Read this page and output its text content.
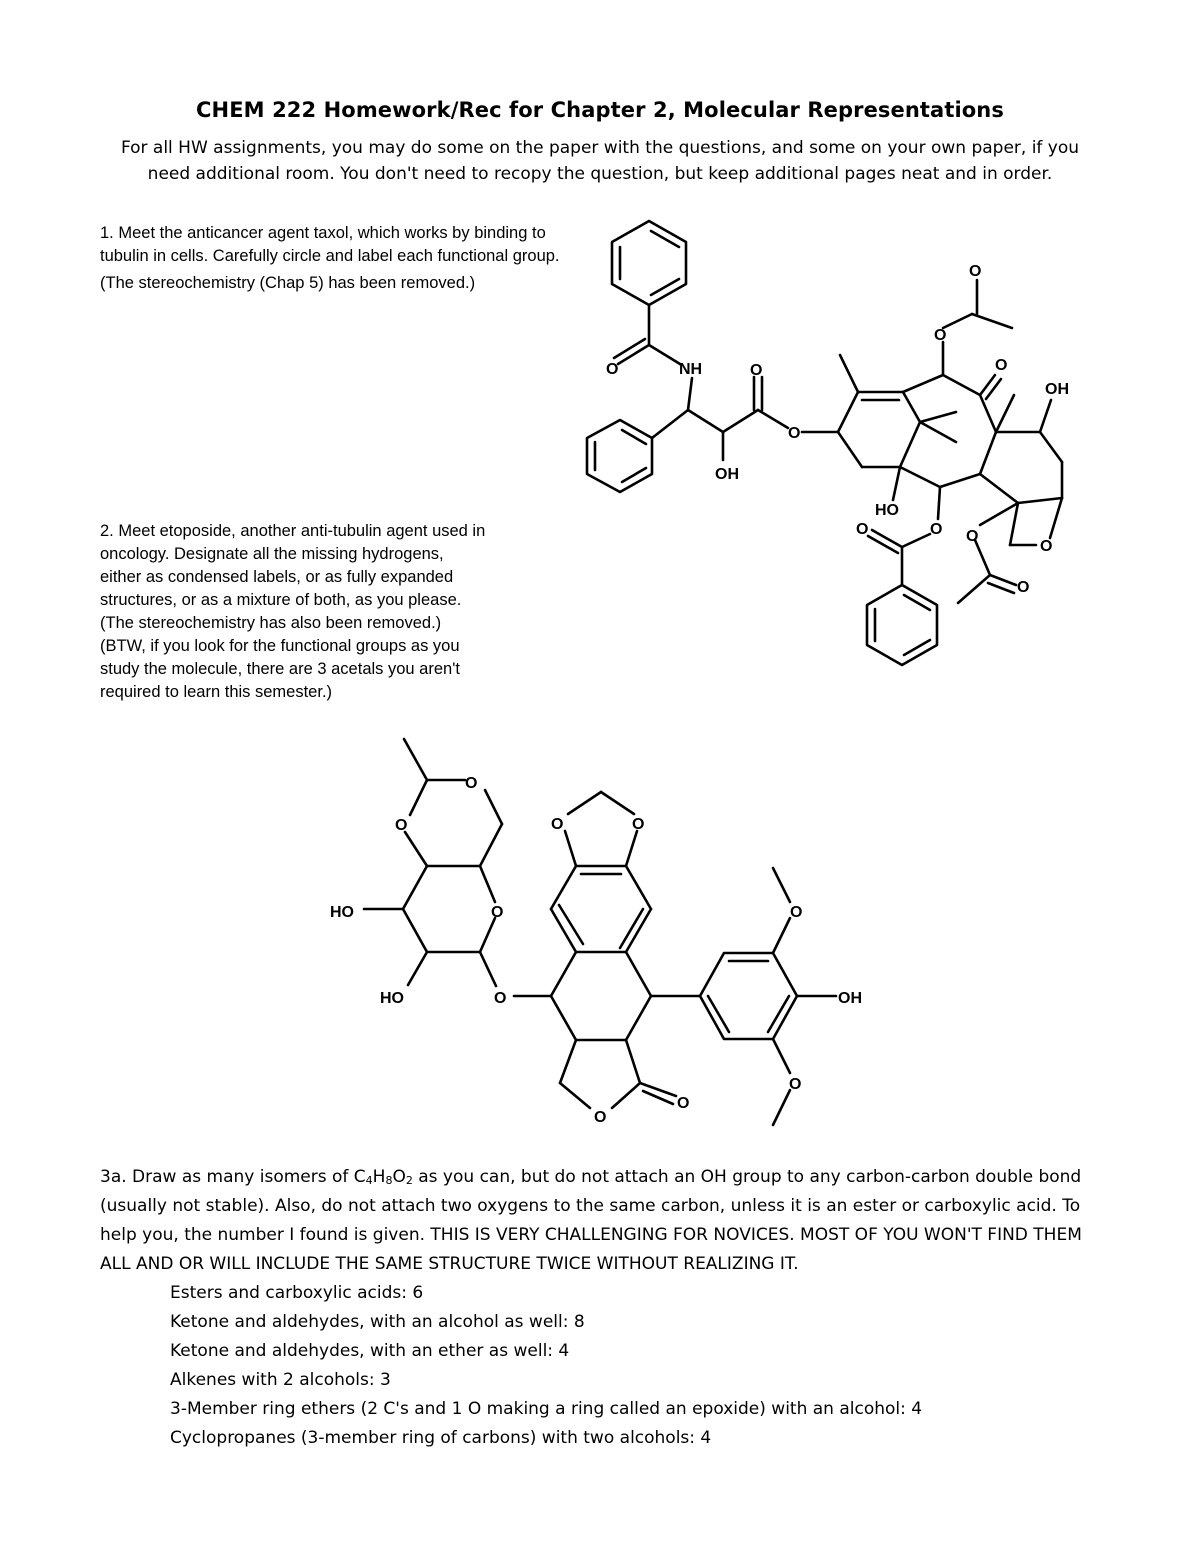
CHEM 222 Homework/Rec for Chapter 2, Molecular Representations

For all HW assignments, you may do some on the paper with the questions, and some on your own paper, if you

need additional room. You don't need to recopy the question, but keep additional pages neat and in order.

1. Meet the anticancer agent taxol, which works by binding to tubulin in cells. Carefully circle and label each functional group.

(The stereochemistry (Chap 5) has been removed.)

2. Meet etoposide, another anti-tubulin agent used in

oncology. Designate all the missing hydrogens,

either as condensed labels, or as fully expanded

structures, or as a mixture of both, as you please.

(The stereochemistry has also been removed.)

(BTW, if you look for the functional groups as you

study the molecule, there are 3 acetals you aren't

required to learn this semester.)

O	NH	O
O
OH
O
O
O
OH
HO
O	O O
O
O
O
O
O
HO
HO	O
O	O
O
OH
O
O
O

3a. Draw as many isomers of $C_4H_8O_2$ as you can, but do not attach an OH group to any carbon-carbon double bond (usually not stable). Also, do not attach two oxygens to the same carbon, unless it is an ester or carboxylic acid. To help you, the number I found is given. THIS IS VERY CHALLENGING FOR NOVICES. MOST OF YOU WON'T FIND THEM ALL AND OR WILL INCLUDE THE SAME STRUCTURE TWICE WITHOUT REALIZING IT.

Esters and carboxylic acids: 6
Ketone and aldehydes, with an alcohol as well: 8
Ketone and aldehydes, with an ether as well: 4
Alkenes with 2 alcohols: 3
3-Member ring ethers (2 C's and 1 O making a ring called an epoxide) with an alcohol: 4
Cyclopropanes (3-member ring of carbons) with two alcohols: 4
